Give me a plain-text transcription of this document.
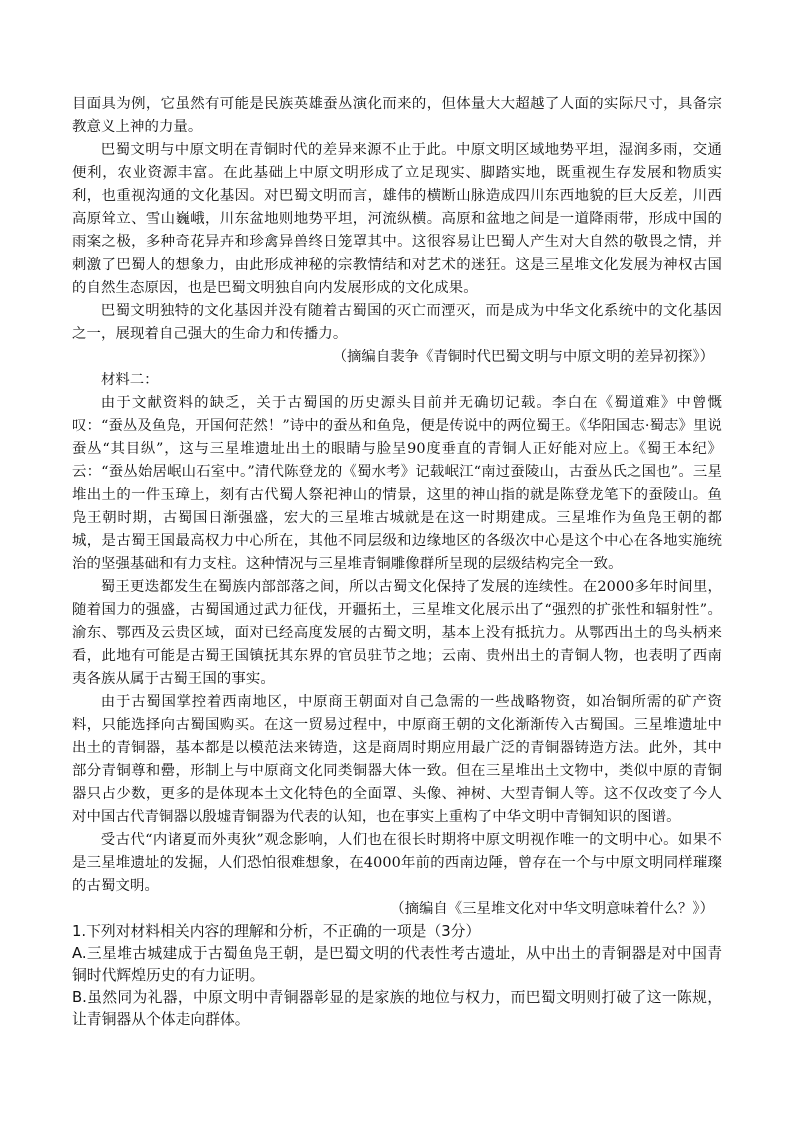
目面具为例，它虽然有可能是民族英雄蚕丛演化而来的，但体量大大超越了人面的实际尺寸，具备宗教意义上神的力量。

巴蜀文明与中原文明在青铜时代的差异来源不止于此。中原文明区域地势平坦，湿润多雨，交通便利，农业资源丰富。在此基础上中原文明形成了立足现实、脚踏实地，既重视生存发展和物质实利，也重视沟通的文化基因。对巴蜀文明而言，雄伟的横断山脉造成四川东西地貌的巨大反差，川西高原耸立、雪山巍峨，川东盆地则地势平坦，河流纵横。高原和盆地之间是一道降雨带，形成中国的雨案之极，多种奇花异卉和珍禽异兽终日笼罩其中。这很容易让巴蜀人产生对大自然的敬畏之情，并刺激了巴蜀人的想象力，由此形成神秘的宗教情结和对艺术的迷狂。这是三星堆文化发展为神权古国的自然生态原因，也是巴蜀文明独自向内发展形成的文化成果。

巴蜀文明独特的文化基因并没有随着古蜀国的灭亡而湮灭，而是成为中华文化系统中的文化基因之一，展现着自己强大的生命力和传播力。

（摘编自裴争《青铜时代巴蜀文明与中原文明的差异初探》）

材料二：

由于文献资料的缺乏，关于古蜀国的历史源头目前并无确切记载。李白在《蜀道难》中曾慨叹：“蚕丛及鱼凫，开国何茫然！”诗中的蚕丛和鱼凫，便是传说中的两位蜀王。《华阳国志·蜀志》里说蚕丛“其目纵”，这与三星堆遗址出土的眼睛与脸呈90度垂直的青铜人正好能对应上。《蜀王本纪》云：“蚕丛始居岷山石室中。”清代陈登龙的《蜀水考》记载岷江“南过蚕陵山，古蚕丛氏之国也”。三星堆出土的一件玉璋上，刻有古代蜀人祭祀神山的情景，这里的神山指的就是陈登龙笔下的蚕陵山。鱼凫王朝时期，古蜀国日渐强盛，宏大的三星堆古城就是在这一时期建成。三星堆作为鱼凫王朝的都城，是古蜀王国最高权力中心所在，其他不同层级和边缘地区的各级次中心是这个中心在各地实施统治的坚强基础和有力支柱。这种情况与三星堆青铜雕像群所呈现的层级结构完全一致。

蜀王更迭都发生在蜀族内部部落之间，所以古蜀文化保持了发展的连续性。在2000多年时间里，随着国力的强盛，古蜀国通过武力征伐，开疆拓土，三星堆文化展示出了“强烈的扩张性和辐射性”。渝东、鄂西及云贵区域，面对已经高度发展的古蜀文明，基本上没有抵抗力。从鄂西出土的鸟头柄来看，此地有可能是古蜀王国镇抚其东界的官员驻节之地；云南、贵州出土的青铜人物，也表明了西南夷各族从属于古蜀王国的事实。

由于古蜀国掌控着西南地区，中原商王朝面对自己急需的一些战略物资，如冶铜所需的矿产资料，只能选择向古蜀国购买。在这一贸易过程中，中原商王朝的文化渐渐传入古蜀国。三星堆遗址中出土的青铜器，基本都是以模范法来铸造，这是商周时期应用最广泛的青铜器铸造方法。此外，其中部分青铜尊和罍，形制上与中原商文化同类铜器大体一致。但在三星堆出土文物中，类似中原的青铜器只占少数，更多的是体现本土文化特色的全面罩、头像、神树、大型青铜人等。这不仅改变了今人对中国古代青铜器以殷墟青铜器为代表的认知，也在事实上重构了中华文明中青铜知识的图谱。

受古代“内诸夏而外夷狄”观念影响，人们也在很长时期将中原文明视作唯一的文明中心。如果不是三星堆遗址的发掘，人们恐怕很难想象，在4000年前的西南边陲，曾存在一个与中原文明同样璀璨的古蜀文明。

（摘编自《三星堆文化对中华文明意味着什么？》）

1.下列对材料相关内容的理解和分析，不正确的一项是（3分）

A.三星堆古城建成于古蜀鱼凫王朝，是巴蜀文明的代表性考古遗址，从中出土的青铜器是对中国青铜时代辉煌历史的有力证明。

B.虽然同为礼器，中原文明中青铜器彰显的是家族的地位与权力，而巴蜀文明则打破了这一陈规，让青铜器从个体走向群体。
